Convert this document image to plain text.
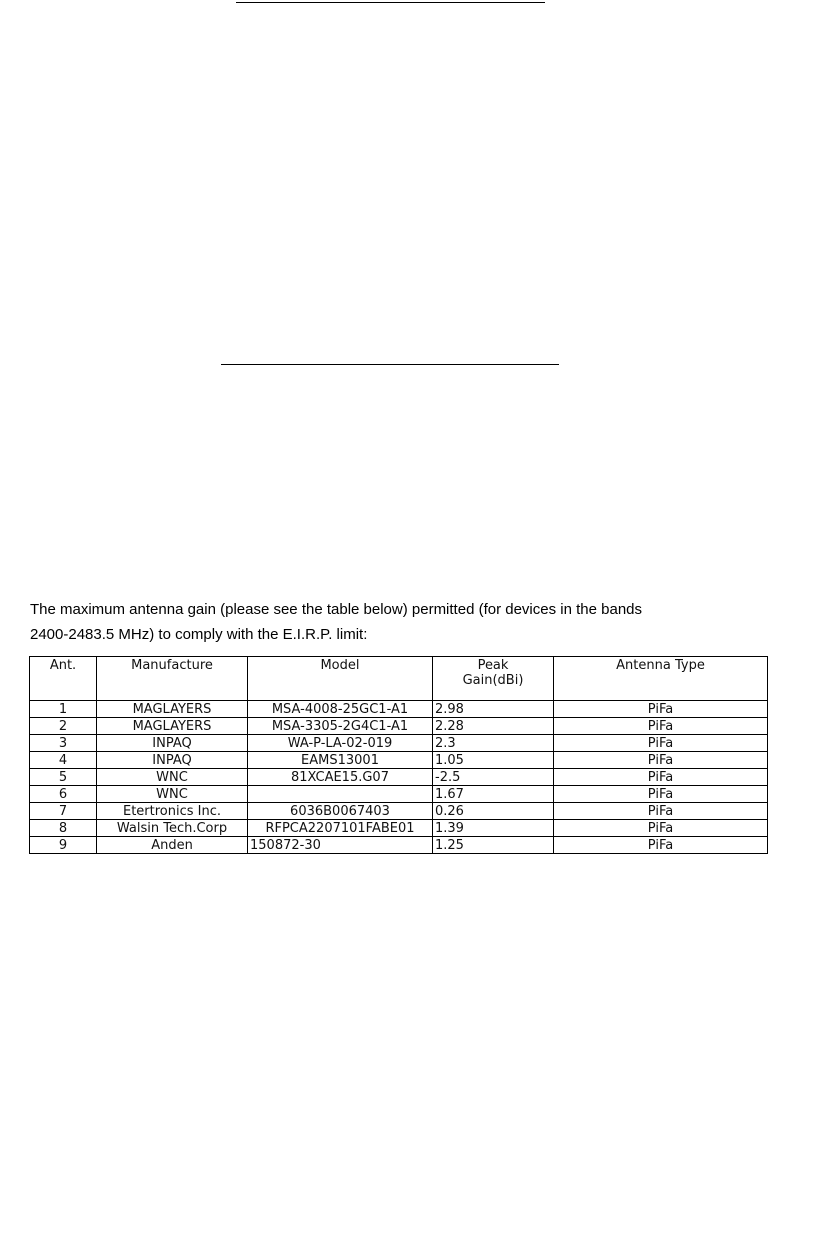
The maximum antenna gain (please see the table below) permitted (for devices in the bands

2400-2483.5 MHz) to comply with the E.I.R.P. limit:

Ant.	Manufacture	Model	Peak
Gain(dBi)	Antenna Type
1	MAGLAYERS	MSA-4008-25GC1-A1	2.98	PiFa
2	MAGLAYERS	MSA-3305-2G4C1-A1	2.28	PiFa
3	INPAQ	WA-P-LA-02-019	2.3	PiFa
4	INPAQ	EAMS13001	1.05	PiFa
5	WNC	81XCAE15.G07	-2.5	PiFa
6	WNC		1.67	PiFa
7	Etertronics Inc.	6036B0067403	0.26	PiFa
8	Walsin Tech.Corp	RFPCA2207101FABE01	1.39	PiFa
9	Anden	150872-30	1.25	PiFa
